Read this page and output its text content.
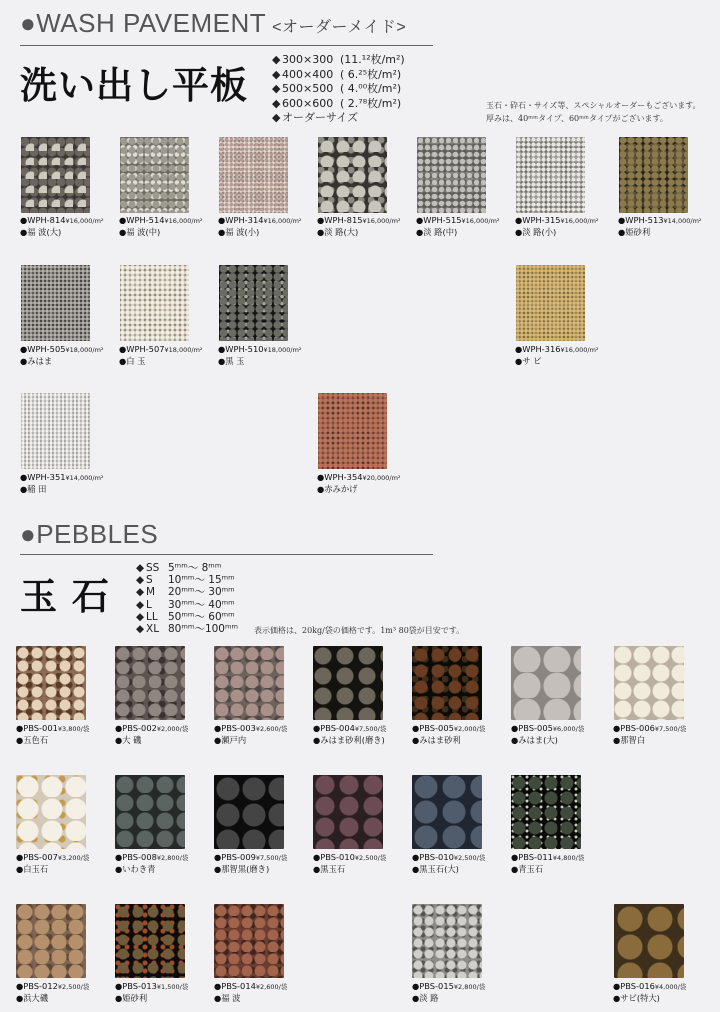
●WASH PAVEMENT <オーダーメイド>
洗い出し平板
◆ 300×300 (11.¹²枚/m²)
◆ 400×400 ( 6.²⁵枚/m²)
◆ 500×500 ( 4.⁰⁰枚/m²)
◆ 600×600 ( 2.⁷⁸枚/m²)
◆ オーダーサイズ
玉石・砕石・サイズ等、スペシャルオーダーもございます。
厚みは、40ᵐᵐタイプ、60ᵐᵐタイプがございます。
●WPH-814¥16,000/m²
●福 波(大)
●WPH-514¥16,000/m²
●福 波(中)
●WPH-314¥16,000/m²
●福 波(小)
●WPH-815¥16,000/m²
●淡 路(大)
●WPH-515¥16,000/m²
●淡 路(中)
●WPH-315¥16,000/m²
●淡 路(小)
●WPH-513¥14,000/m²
●姫砂利
●WPH-505¥18,000/m²
●みはま
●WPH-507¥18,000/m²
●白 玉
●WPH-510¥18,000/m²
●黒 玉
●WPH-316¥16,000/m²
●サ ビ
●WPH-351¥14,000/m²
●稲 田
●WPH-354¥20,000/m²
●赤みかげ
●PEBBLES
玉 石
◆ SS 5ᵐᵐ〜 8ᵐᵐ
◆ S 10ᵐᵐ〜 15ᵐᵐ
◆ M 20ᵐᵐ〜 30ᵐᵐ
◆ L 30ᵐᵐ〜 40ᵐᵐ
◆ LL 50ᵐᵐ〜 60ᵐᵐ
◆ XL 80ᵐᵐ〜100ᵐᵐ 表示価格は、20kg/袋の価格です。1m³ 80袋が目安です。
●PBS-001¥3,800/袋
●五色石
●PBS-002¥2,000/袋
●大 磯
●PBS-003¥2,600/袋
●瀬戸内
●PBS-004¥7,500/袋
●みはま砂利(磨き)
●PBS-005¥2,000/袋
●みはま砂利
●PBS-005¥6,000/袋
●みはま(大)
●PBS-006¥7,500/袋
●那智白
●PBS-007¥3,200/袋
●白玉石
●PBS-008¥2,800/袋
●いわき青
●PBS-009¥7,500/袋
●那智黒(磨き)
●PBS-010¥2,500/袋
●黒玉石
●PBS-010¥2,500/袋
●黒玉石(大)
●PBS-011¥4,800/袋
●青玉石
●PBS-012¥2,500/袋
●浜大磯
●PBS-013¥1,500/袋
●姫砂利
●PBS-014¥2,600/袋
●福 波
●PBS-015¥2,800/袋
●淡 路
●PBS-016¥4,000/袋
●サビ(特大)
